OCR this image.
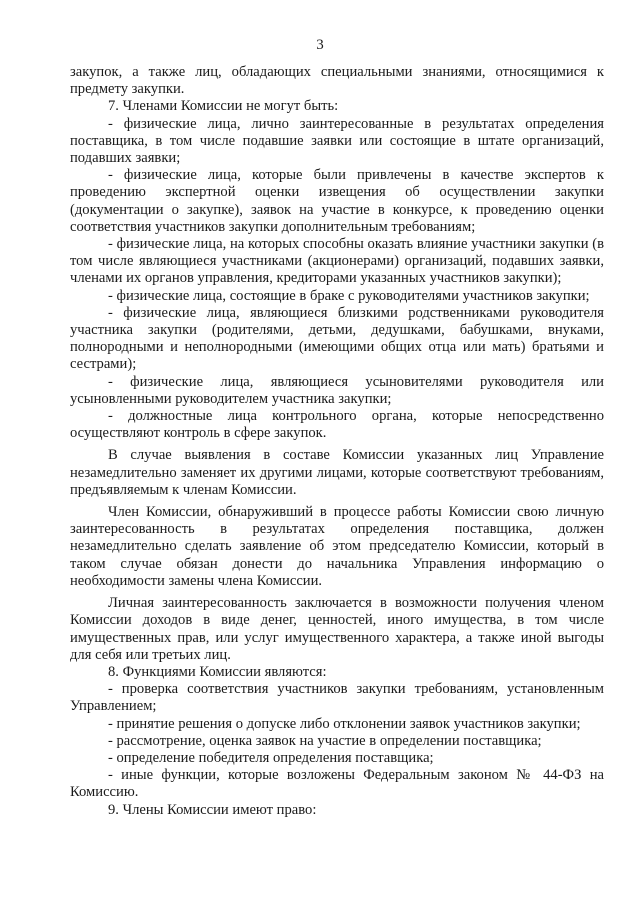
3

закупок, а также лиц, обладающих специальными знаниями, относящимися к предмету закупки.

7. Членами Комиссии не могут быть:

- физические лица, лично заинтересованные в результатах определения поставщика, в том числе подавшие заявки или состоящие в штате организаций, подавших заявки;

- физические лица, которые были привлечены в качестве экспертов к проведению экспертной оценки извещения об осуществлении закупки (документации о закупке), заявок на участие в конкурсе, к проведению оценки соответствия участников закупки дополнительным требованиям;

- физические лица, на которых способны оказать влияние участники закупки (в том числе являющиеся участниками (акционерами) организаций, подавших заявки, членами их органов управления, кредиторами указанных участников закупки);

- физические лица, состоящие в браке с руководителями участников закупки;

- физические лица, являющиеся близкими родственниками руководителя участника закупки (родителями, детьми, дедушками, бабушками, внуками, полнородными и неполнородными (имеющими общих отца или мать) братьями и сестрами);

- физические лица, являющиеся усыновителями руководителя или усыновленными руководителем участника закупки;

- должностные лица контрольного органа, которые непосредственно осуществляют контроль в сфере закупок.

В случае выявления в составе Комиссии указанных лиц Управление незамедлительно заменяет их другими лицами, которые соответствуют требованиям, предъявляемым к членам Комиссии.

Член Комиссии, обнаруживший в процессе работы Комиссии свою личную заинтересованность в результатах определения поставщика, должен незамедлительно сделать заявление об этом председателю Комиссии, который в таком случае обязан донести до начальника Управления информацию о необходимости замены члена Комиссии.

Личная заинтересованность заключается в возможности получения членом Комиссии доходов в виде денег, ценностей, иного имущества, в том числе имущественных прав, или услуг имущественного характера, а также иной выгоды для себя или третьих лиц.

8. Функциями Комиссии являются:

- проверка соответствия участников закупки требованиям, установленным Управлением;

- принятие решения о допуске либо отклонении заявок участников закупки;

- рассмотрение, оценка заявок на участие в определении поставщика;

- определение победителя определения поставщика;

- иные функции, которые возложены Федеральным законом № 44-ФЗ на Комиссию.

9. Члены Комиссии имеют право:
